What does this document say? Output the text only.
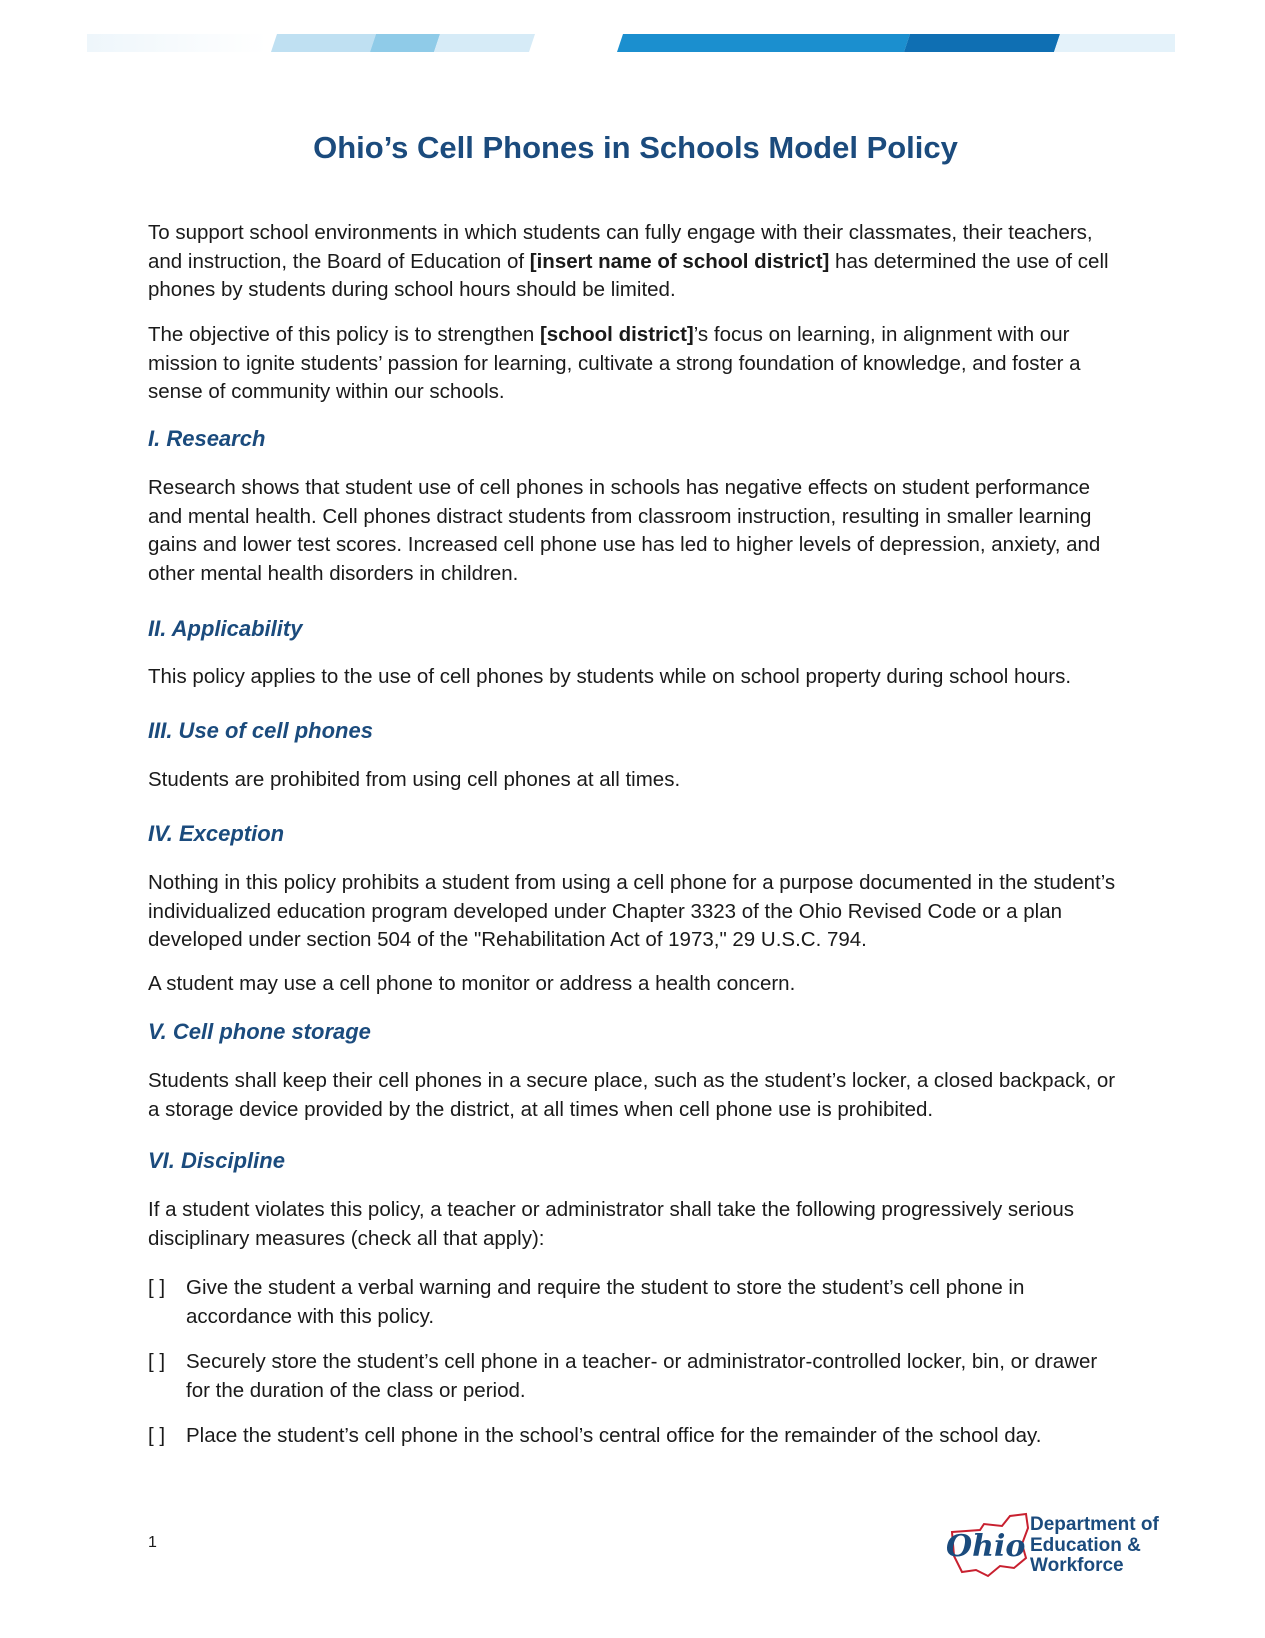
Ohio’s Cell Phones in Schools Model Policy

To support school environments in which students can fully engage with their classmates, their teachers, and instruction, the Board of Education of [insert name of school district] has determined the use of cell phones by students during school hours should be limited.

The objective of this policy is to strengthen [school district]’s focus on learning, in alignment with our mission to ignite students’ passion for learning, cultivate a strong foundation of knowledge, and foster a sense of community within our schools.

I. Research

Research shows that student use of cell phones in schools has negative effects on student performance and mental health. Cell phones distract students from classroom instruction, resulting in smaller learning gains and lower test scores. Increased cell phone use has led to higher levels of depression, anxiety, and other mental health disorders in children.

II. Applicability

This policy applies to the use of cell phones by students while on school property during school hours.

III. Use of cell phones

Students are prohibited from using cell phones at all times.

IV. Exception

Nothing in this policy prohibits a student from using a cell phone for a purpose documented in the student’s individualized education program developed under Chapter 3323 of the Ohio Revised Code or a plan developed under section 504 of the "Rehabilitation Act of 1973," 29 U.S.C. 794.

A student may use a cell phone to monitor or address a health concern.

V. Cell phone storage

Students shall keep their cell phones in a secure place, such as the student’s locker, a closed backpack, or a storage device provided by the district, at all times when cell phone use is prohibited.

VI. Discipline

If a student violates this policy, a teacher or administrator shall take the following progressively serious disciplinary measures (check all that apply):

[ ]	Give the student a verbal warning and require the student to store the student’s cell phone in accordance with this policy.
[ ]	Securely store the student’s cell phone in a teacher- or administrator-controlled locker, bin, or drawer for the duration of the class or period.
[ ]	Place the student’s cell phone in the school’s central office for the remainder of the school day.
1	Ohio
Department of
Education &
Workforce
